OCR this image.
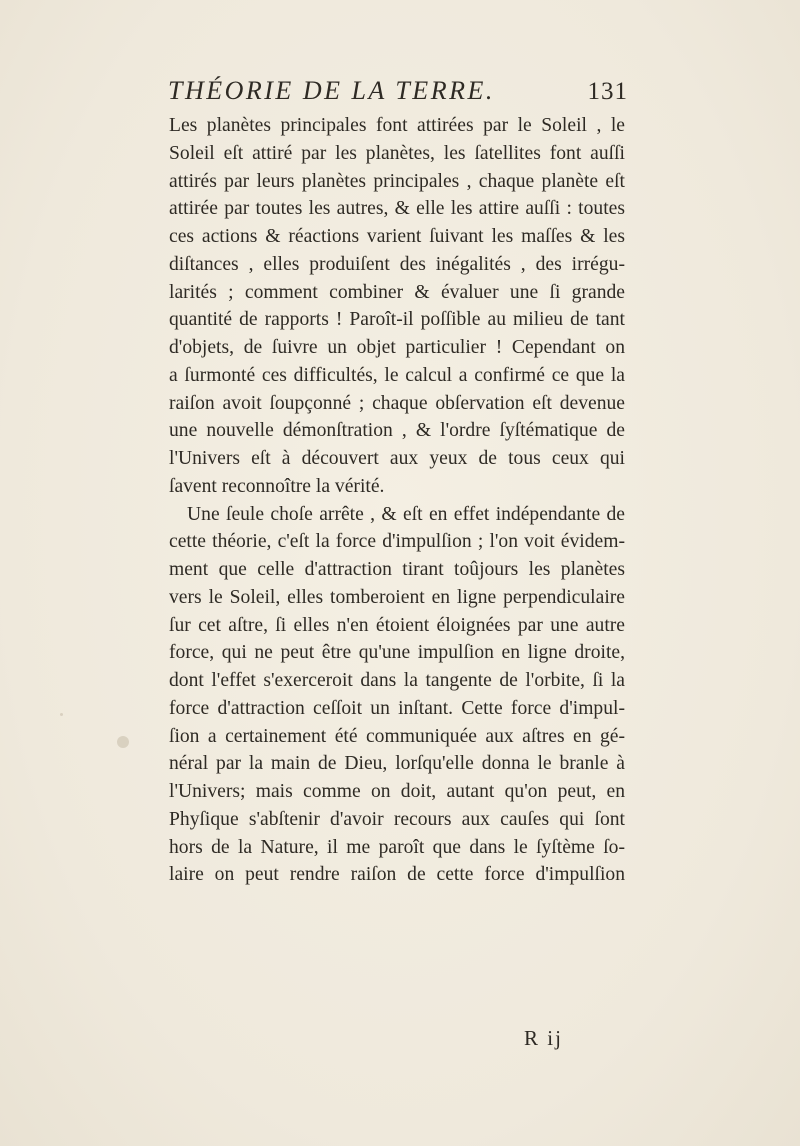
THÉORIE DE LA TERRE.	131
Les planètes principales font attirées par le Soleil , le
Soleil eſt attiré par les planètes, les ſatellites font auſſi
attirés par leurs planètes principales , chaque planète eſt
attirée par toutes les autres, & elle les attire auſſi : toutes
ces actions & réactions varient ſuivant les maſſes & les
diſtances , elles produiſent des inégalités , des irrégu-
larités ; comment combiner & évaluer une ſi grande
quantité de rapports ! Paroît-il poſſible au milieu de tant
d'objets, de ſuivre un objet particulier ! Cependant on
a ſurmonté ces difficultés, le calcul a confirmé ce que la
raiſon avoit ſoupçonné ; chaque obſervation eſt devenue
une nouvelle démonſtration , & l'ordre ſyſtématique de
l'Univers eſt à découvert aux yeux de tous ceux qui
ſavent reconnoître la vérité.
Une ſeule choſe arrête , & eſt en effet indépendante de
cette théorie, c'eſt la force d'impulſion ; l'on voit évidem-
ment que celle d'attraction tirant toûjours les planètes
vers le Soleil, elles tomberoient en ligne perpendiculaire
ſur cet aſtre, ſi elles n'en étoient éloignées par une autre
force, qui ne peut être qu'une impulſion en ligne droite,
dont l'effet s'exerceroit dans la tangente de l'orbite, ſi la
force d'attraction ceſſoit un inſtant. Cette force d'impul-
ſion a certainement été communiquée aux aſtres en gé-
néral par la main de Dieu, lorſqu'elle donna le branle à
l'Univers; mais comme on doit, autant qu'on peut, en
Phyſique s'abſtenir d'avoir recours aux cauſes qui ſont
hors de la Nature, il me paroît que dans le ſyſtème ſo-
laire on peut rendre raiſon de cette force d'impulſion
R ij
